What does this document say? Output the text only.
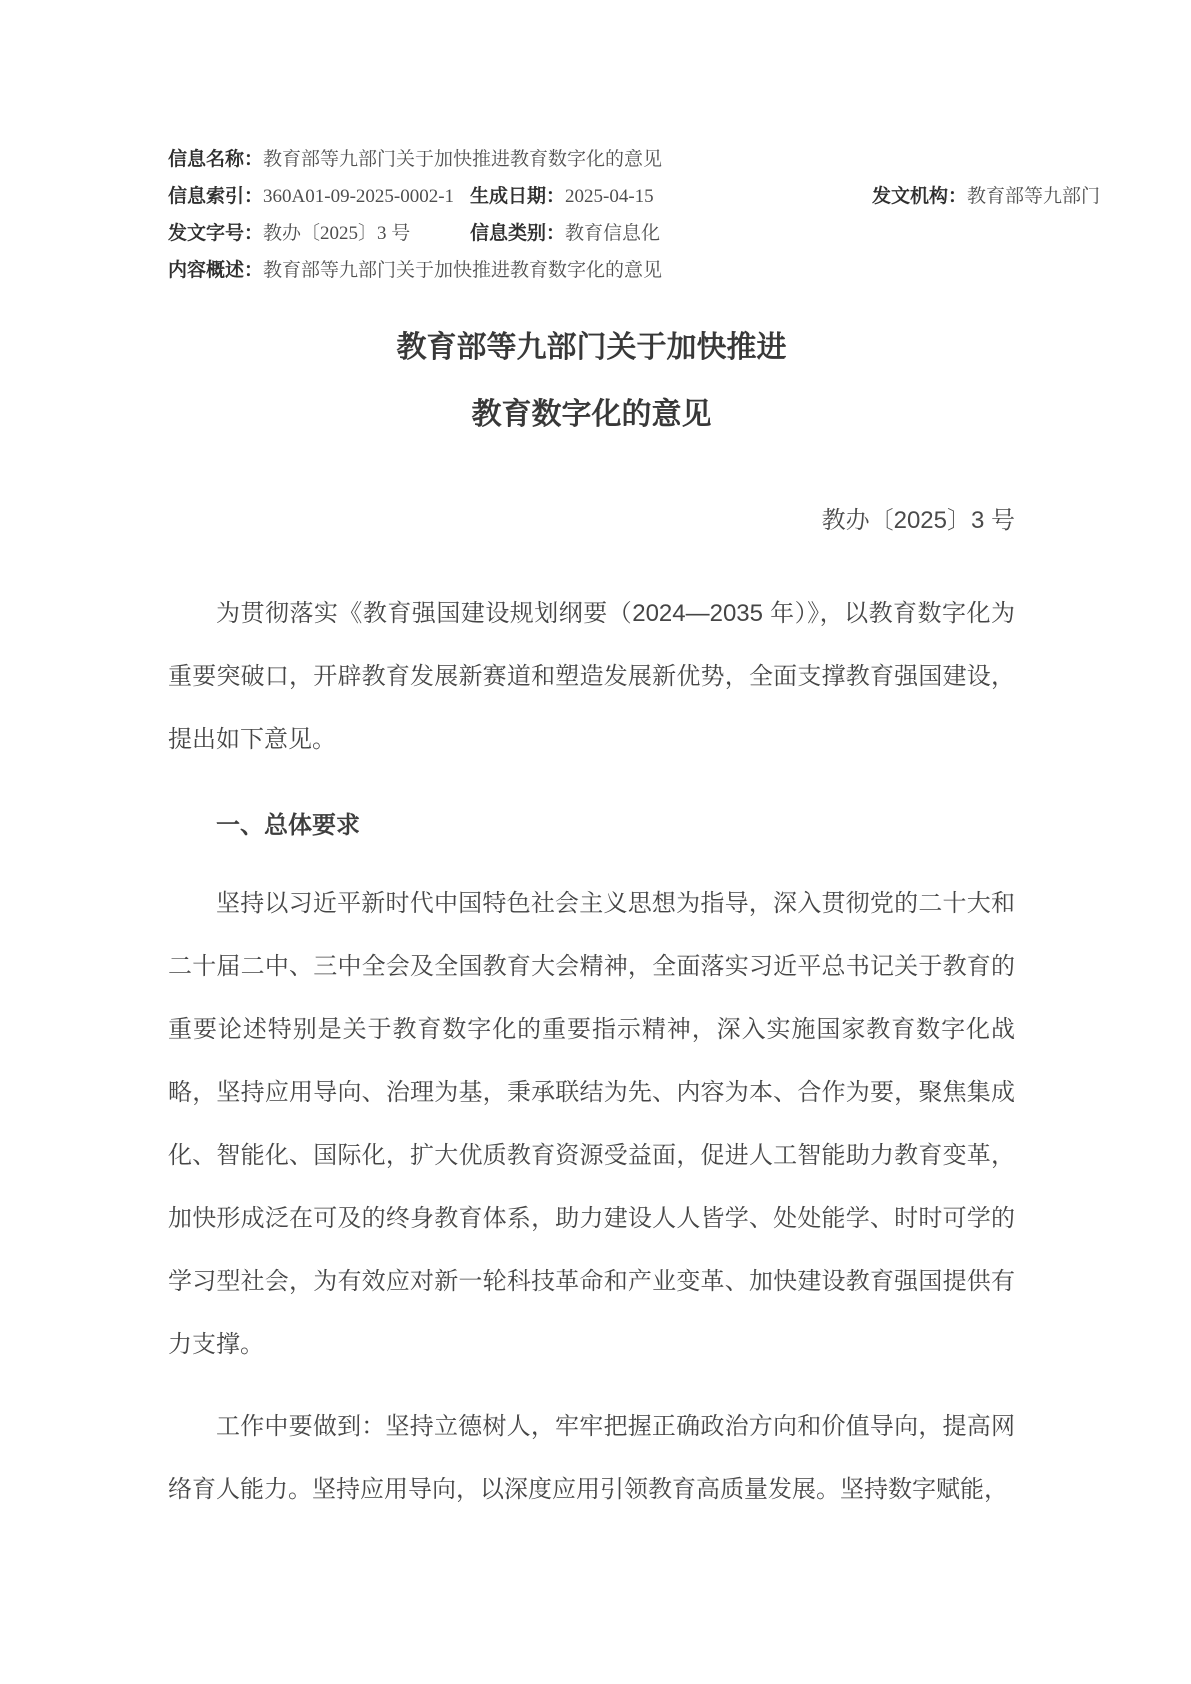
信息名称：教育部等九部门关于加快推进教育数字化的意见
信息索引：360A01-09-2025-0002-1 生成日期：2025-04-15	发文机构：教育部等九部门
发文字号：教办〔2025〕3 号	信息类别：教育信息化
内容概述：教育部等九部门关于加快推进教育数字化的意见
教育部等九部门关于加快推进
教育数字化的意见
教办〔2025〕3 号

为贯彻落实《教育强国建设规划纲要（2024—2035 年）》，以教育数字化为重要突破口，开辟教育发展新赛道和塑造发展新优势，全面支撑教育强国建设，提出如下意见。

一、总体要求

坚持以习近平新时代中国特色社会主义思想为指导，深入贯彻党的二十大和二十届二中、三中全会及全国教育大会精神，全面落实习近平总书记关于教育的重要论述特别是关于教育数字化的重要指示精神，深入实施国家教育数字化战略，坚持应用导向、治理为基，秉承联结为先、内容为本、合作为要，聚焦集成化、智能化、国际化，扩大优质教育资源受益面，促进人工智能助力教育变革，加快形成泛在可及的终身教育体系，助力建设人人皆学、处处能学、时时可学的学习型社会，为有效应对新一轮科技革命和产业变革、加快建设教育强国提供有力支撑。

工作中要做到：坚持立德树人，牢牢把握正确政治方向和价值导向，提高网络育人能力。坚持应用导向，以深度应用引领教育高质量发展。坚持数字赋能，
